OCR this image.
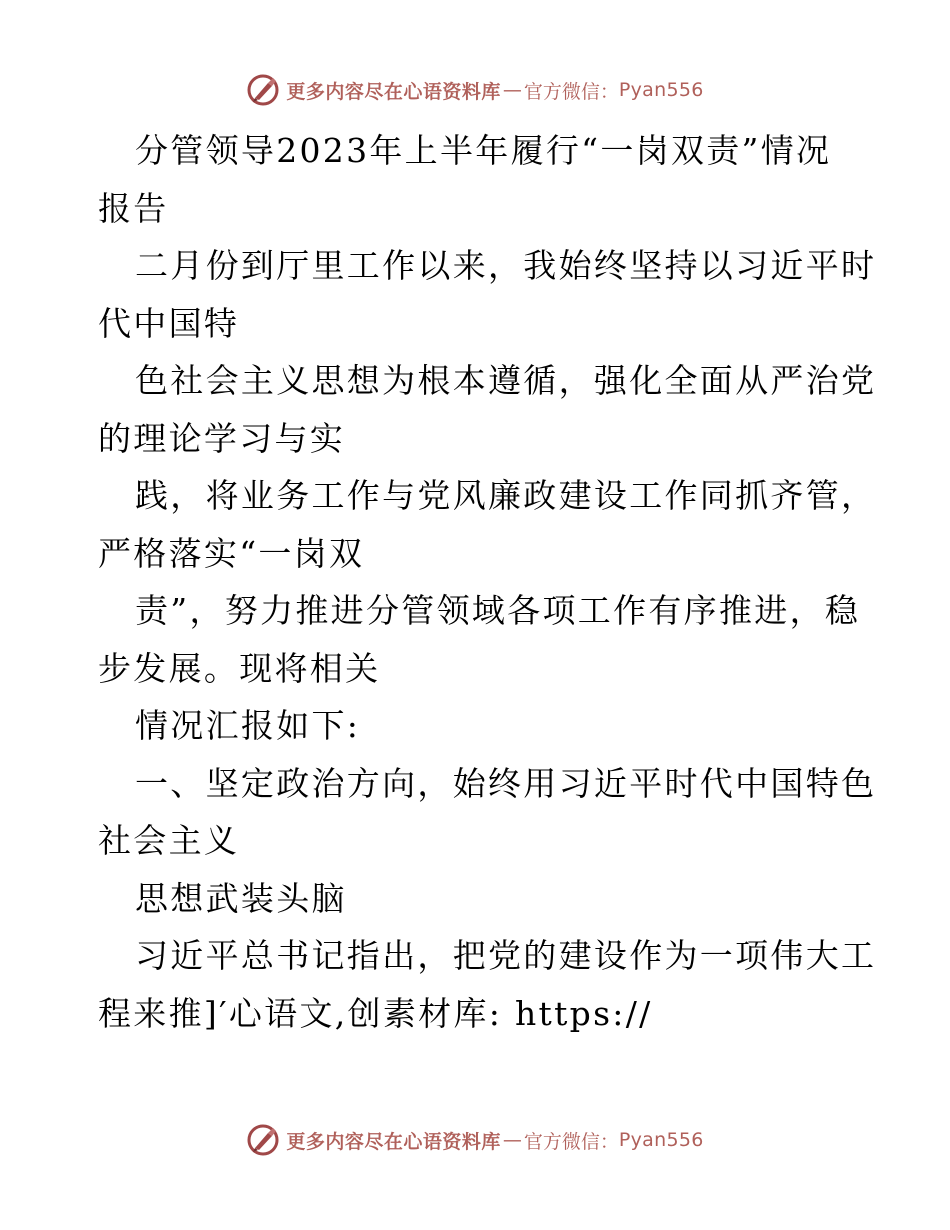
更多内容尽在心语资料库 — 官方微信： Pyan556
分管领导2023年上半年履行“一岗双责”情况
报告
二月份到厅里工作以来，我始终坚持以习近平时
代中国特
色社会主义思想为根本遵循，强化全面从严治党
的理论学习与实
践，将业务工作与党风廉政建设工作同抓齐管，
严格落实“一岗双
责”，努力推进分管领域各项工作有序推进，稳
步发展。现将相关
情况汇报如下:
一、坚定政治方向，始终用习近平时代中国特色
社会主义
思想武装头脑
习近平总书记指出，把党的建设作为一项伟大工
程来推]′心语文,创素材库: https://
更多内容尽在心语资料库 — 官方微信： Pyan556
